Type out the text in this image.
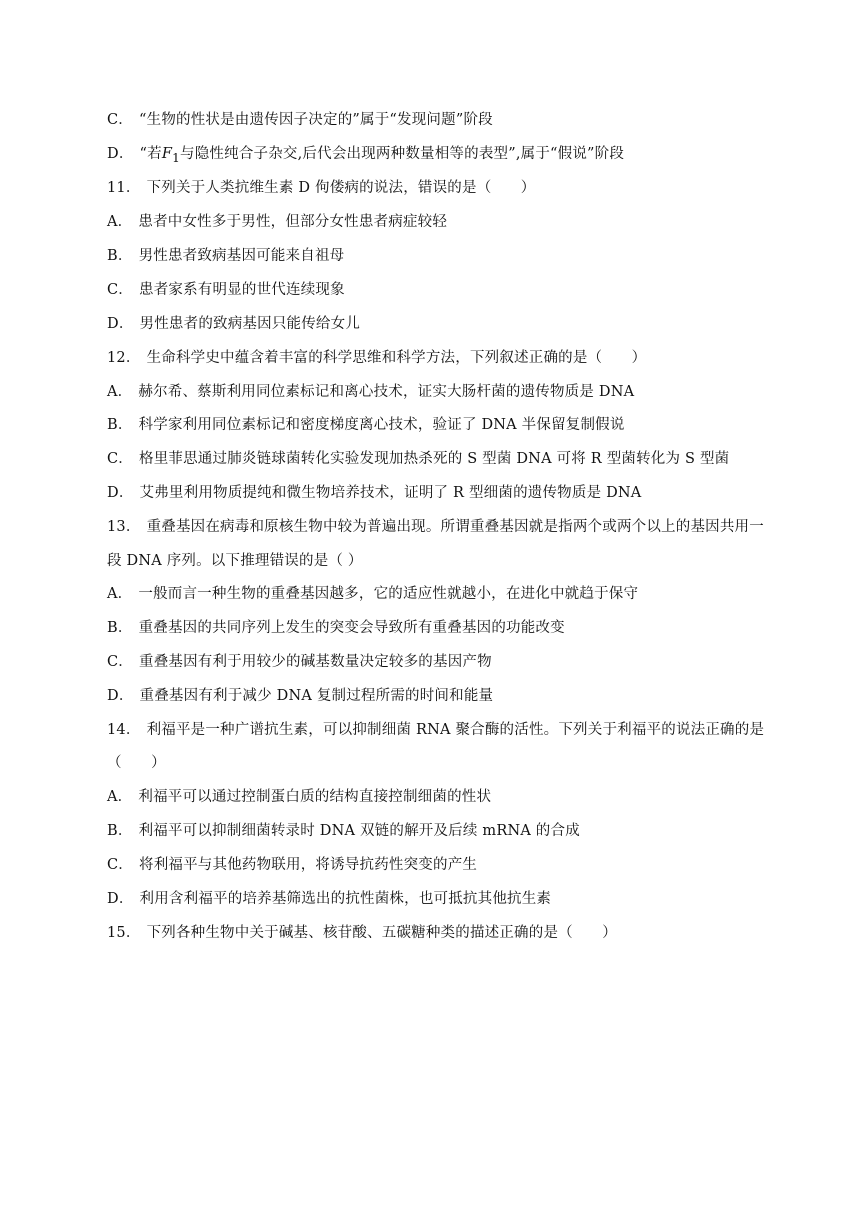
C． “生物的性状是由遗传因子决定的”属于“发现问题”阶段
D． “若$F_1$与隐性纯合子杂交,后代会出现两种数量相等的表型”,属于“假说”阶段
11． 下列关于人类抗维生素 D 佝偻病的说法，错误的是（　　）
A． 患者中女性多于男性，但部分女性患者病症较轻
B． 男性患者致病基因可能来自祖母
C． 患者家系有明显的世代连续现象
D． 男性患者的致病基因只能传给女儿
12． 生命科学史中蕴含着丰富的科学思维和科学方法，下列叙述正确的是（　　）
A． 赫尔希、蔡斯利用同位素标记和离心技术，证实大肠杆菌的遗传物质是 DNA
B． 科学家利用同位素标记和密度梯度离心技术，验证了 DNA 半保留复制假说
C． 格里菲思通过肺炎链球菌转化实验发现加热杀死的 S 型菌 DNA 可将 R 型菌转化为 S 型菌
D． 艾弗里利用物质提纯和微生物培养技术，证明了 R 型细菌的遗传物质是 DNA
13． 重叠基因在病毒和原核生物中较为普遍出现。所谓重叠基因就是指两个或两个以上的基因共用一
段 DNA 序列。以下推理错误的是（ ）
A． 一般而言一种生物的重叠基因越多，它的适应性就越小，在进化中就趋于保守
B． 重叠基因的共同序列上发生的突变会导致所有重叠基因的功能改变
C． 重叠基因有利于用较少的碱基数量决定较多的基因产物
D． 重叠基因有利于减少 DNA 复制过程所需的时间和能量
14． 利福平是一种广谱抗生素，可以抑制细菌 RNA 聚合酶的活性。下列关于利福平的说法正确的是
（　　）
A． 利福平可以通过控制蛋白质的结构直接控制细菌的性状
B． 利福平可以抑制细菌转录时 DNA 双链的解开及后续 mRNA 的合成
C． 将利福平与其他药物联用，将诱导抗药性突变的产生
D． 利用含利福平的培养基筛选出的抗性菌株，也可抵抗其他抗生素
15． 下列各种生物中关于碱基、核苷酸、五碳糖种类的描述正确的是（　　）
